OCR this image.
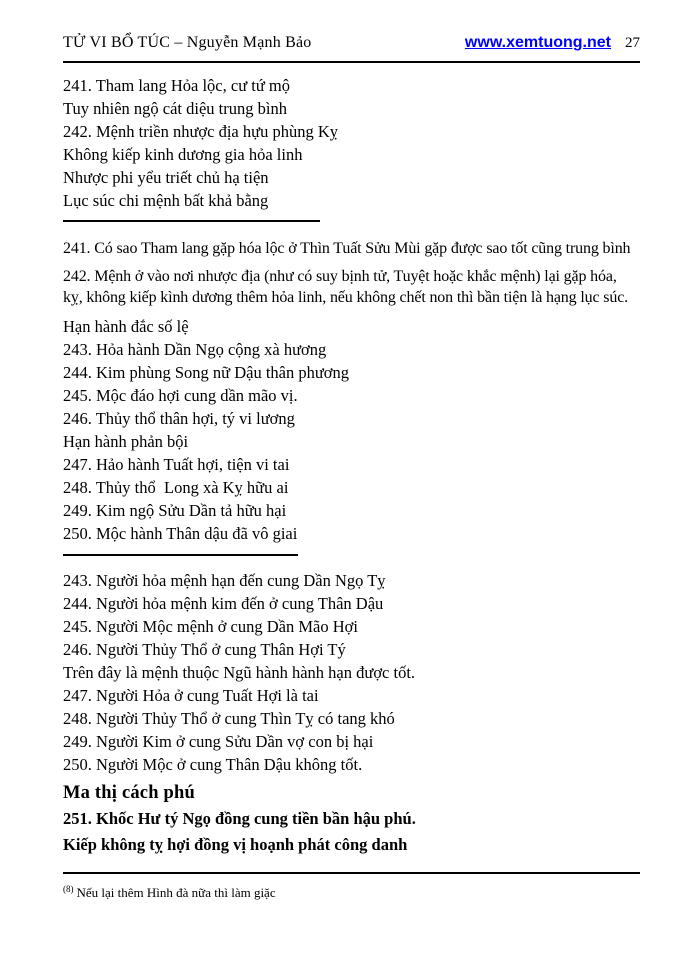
TỬ VI BỔ TÚC – Nguyễn Mạnh Bảo	www.xemtuong.net 27

241. Tham lang Hỏa lộc, cư tứ mộ

Tuy nhiên ngộ cát diệu trung bình

242. Mệnh triền nhược địa hựu phùng Kỵ

Không kiếp kinh dương gia hỏa linh

Nhược phi yểu triết chủ hạ tiện

Lục súc chi mệnh bất khả bằng

241. Có sao Tham lang gặp hóa lộc ở Thìn Tuất Sửu Mùi gặp được sao tốt cũng trung bình

242. Mệnh ở vào nơi nhược địa (như có suy bịnh tử, Tuyệt hoặc khắc mệnh) lại gặp hóa, kỵ, không kiếp kình dương thêm hỏa linh, nếu không chết non thì bần tiện là hạng lục súc.

Hạn hành đắc số lệ

243. Hỏa hành Dần Ngọ cộng xà hương

244. Kim phùng Song nữ Dậu thân phương

245. Mộc đáo hợi cung dần mão vị.

246. Thủy thổ thân hợi, tý vi lương

Hạn hành phản bội

247. Hảo hành Tuất hợi, tiện vi tai

248. Thủy thổ  Long xà Kỵ hữu ai

249. Kim ngộ Sửu Dần tả hữu hại

250. Mộc hành Thân dậu đã vô giai

243. Người hỏa mệnh hạn đến cung Dần Ngọ Tỵ

244. Người hỏa mệnh kim đến ở cung Thân Dậu

245. Người Mộc mệnh ở cung Dần Mão Hợi

246. Người Thủy Thổ ở cung Thân Hợi Tý

Trên đây là mệnh thuộc Ngũ hành hành hạn được tốt.

247. Người Hỏa ở cung Tuất Hợi là tai

248. Người Thủy Thổ ở cung Thìn Tỵ có tang khó

249. Người Kim ở cung Sửu Dần vợ con bị hại

250. Người Mộc ở cung Thân Dậu không tốt.

Ma thị cách phú

251. Khốc Hư tý Ngọ đồng cung tiền bần hậu phú.

Kiếp không tỵ hợi đồng vị hoạnh phát công danh

$^{(8)}$ Nếu lại thêm Hình đà nữa thì làm giặc
